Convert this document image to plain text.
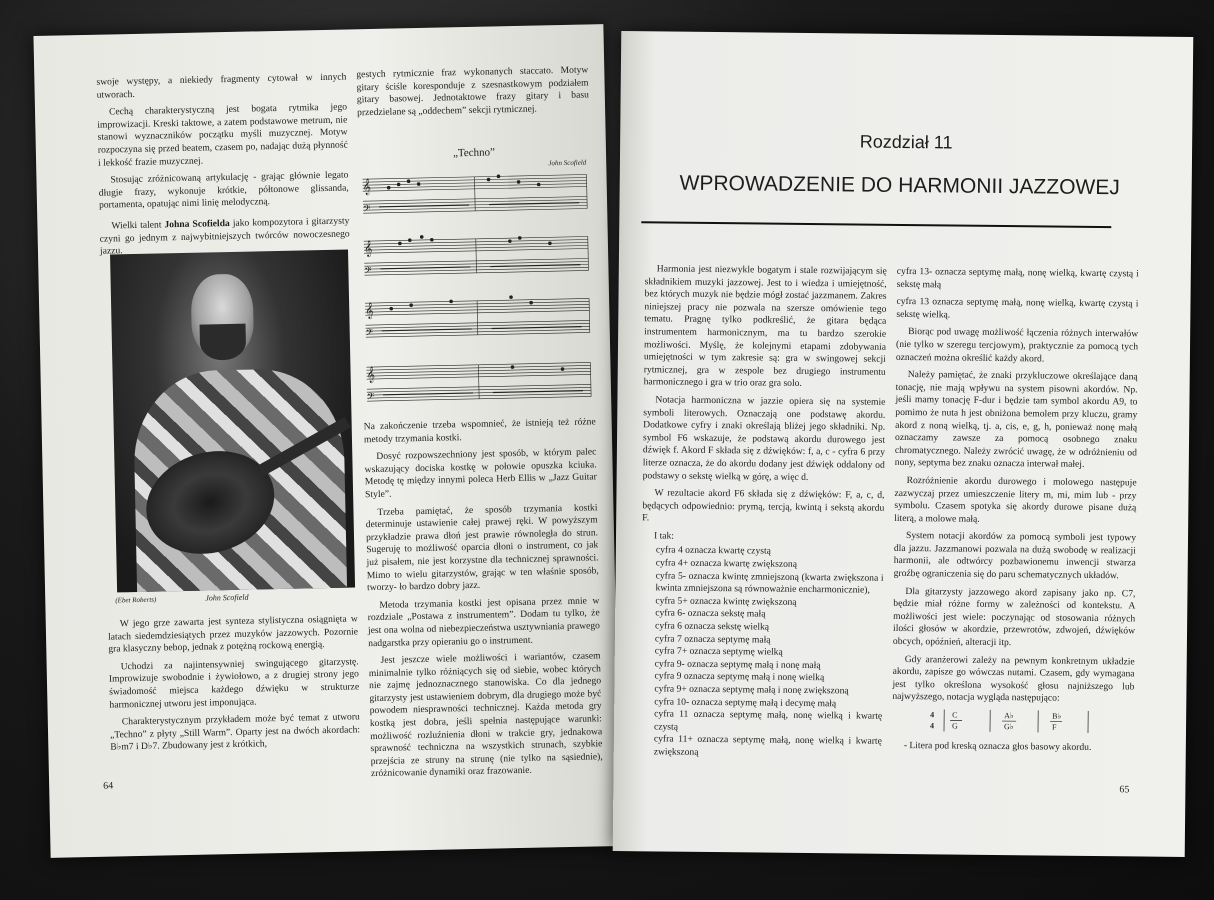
swoje występy, a niekiedy fragmenty cytował w innych utworach.

Cechą charakterystyczną jest bogata rytmika jego improwizacji. Kreski taktowe, a zatem podstawowe metrum, nie stanowi wyznaczników początku myśli muzycznej. Motyw rozpoczyna się przed beatem, czasem po, nadając dużą płynność i lekkość frazie muzycznej.

Stosując zróżnicowaną artykulację - grając głównie legato długie frazy, wykonuje krótkie, półtonowe glissanda, portamenta, opatując nimi linię melodyczną.

Wielki talent Johna Scofielda jako kompozytora i gitarzysty czyni go jednym z najwybitniejszych twórców nowoczesnego jazzu.

(Ebet Roberts)	John Scofield

W jego grze zawarta jest synteza stylistyczna osiągnięta w latach siedemdziesiątych przez muzyków jazzowych. Pozornie gra klasyczny bebop, jednak z potężną rockową energią.

Uchodzi za najintensywniej swingującego gitarzystę. Improwizuje swobodnie i żywiołowo, a z drugiej strony jego świadomość miejsca każdego dźwięku w strukturze harmonicznej utworu jest imponująca.

Charakterystycznym przykładem może być temat z utworu „Techno” z płyty „Still Warm”. Oparty jest na dwóch akordach: B♭m7 i D♭7. Zbudowany jest z krótkich,

gestych rytmicznie fraz wykonanych staccato. Motyw gitary ściśle koresponduje z szesnastkowym podziałem gitary basowej. Jednotaktowe frazy gitary i basu przedzielane są „oddechem” sekcji rytmicznej.

„Techno”
John Scofield
𝄞
𝄢
𝄞
𝄢
𝄞
𝄢
𝄞
𝄢

Na zakończenie trzeba wspomnieć, że istnieją też różne metody trzymania kostki.

Dosyć rozpowszechniony jest sposób, w którym palec wskazujący dociska kostkę w połowie opuszka kciuka. Metodę tę między innymi poleca Herb Ellis w „Jazz Guitar Style”.

Trzeba pamiętać, że sposób trzymania kostki determinuje ustawienie całej prawej ręki. W powyższym przykładzie prawa dłoń jest prawie równoległa do strun. Sugeruję to możliwość oparcia dłoni o instrument, co jak już pisałem, nie jest korzystne dla technicznej sprawności. Mimo to wielu gitarzystów, grając w ten właśnie sposób, tworzy- ło bardzo dobry jazz.

Metoda trzymania kostki jest opisana przez mnie w rozdziale „Postawa z instrumentem”. Dodam tu tylko, że jest ona wolna od niebezpieczeństwa usztywniania prawego nadgarstka przy opieraniu go o instrument.

Jest jeszcze wiele możliwości i wariantów, czasem minimalnie tylko różniących się od siebie, wobec których nie zajmę jednoznacznego stanowiska. Co dla jednego gitarzysty jest ustawieniem dobrym, dla drugiego może być powodem niesprawności technicznej. Każda metoda gry kostką jest dobra, jeśli spełnia następujące warunki: możliwość rozluźnienia dłoni w trakcie gry, jednakowa sprawność techniczna na wszystkich strunach, szybkie przejścia ze struny na strunę (nie tylko na sąsiednie), zróżnicowanie dynamiki oraz frazowanie.

64
Rozdział 11
WPROWADZENIE DO HARMONII JAZZOWEJ

Harmonia jest niezwykle bogatym i stale rozwijającym się składnikiem muzyki jazzowej. Jest to i wiedza i umiejętność, bez których muzyk nie będzie mógł zostać jazzmanem. Zakres niniejszej pracy nie pozwala na szersze omówienie tego tematu. Pragnę tylko podkreślić, że gitara będąca instrumentem harmonicznym, ma tu bardzo szerokie możliwości. Myślę, że kolejnymi etapami zdobywania umiejętności w tym zakresie są: gra w swingowej sekcji rytmicznej, gra w zespole bez drugiego instrumentu harmonicznego i gra w trio oraz gra solo.

Notacja harmoniczna w jazzie opiera się na systemie symboli literowych. Oznaczają one podstawę akordu. Dodatkowe cyfry i znaki określają bliżej jego składniki. Np. symbol F6 wskazuje, że podstawą akordu durowego jest dźwięk f. Akord F składa się z dźwięków: f, a, c - cyfra 6 przy literze oznacza, że do akordu dodany jest dźwięk oddalony od podstawy o sekstę wielką w górę, a więc d.

W rezultacie akord F6 składa się z dźwięków: F, a, c, d, będących odpowiednio: prymą, tercją, kwintą i sekstą akordu F.

I tak:

cyfra 4 oznacza kwartę czystą
cyfra 4+ oznacza kwartę zwiększoną
cyfra 5- oznacza kwintę zmniejszoną (kwarta zwiększona i kwinta zmniejszona są równoważnie encharmonicznie),
cyfra 5+ oznacza kwintę zwiększoną
cyfra 6- oznacza sekstę małą
cyfra 6 oznacza sekstę wielką
cyfra 7 oznacza septymę małą
cyfra 7+ oznacza septymę wielką
cyfra 9- oznacza septymę małą i nonę małą
cyfra 9 oznacza septymę małą i nonę wielką
cyfra 9+ oznacza septymę małą i nonę zwiększoną
cyfra 10- oznacza septymę małą i decymę małą
cyfra 11 oznacza septymę małą, nonę wielką i kwartę czystą
cyfra 11+ oznacza septymę małą, nonę wielką i kwartę zwiększoną

cyfra 13- oznacza septymę małą, nonę wielką, kwartę czystą i sekstę małą

cyfra 13 oznacza septymę małą, nonę wielką, kwartę czystą i sekstę wielką.

Biorąc pod uwagę możliwość łączenia różnych interwałów (nie tylko w szeregu tercjowym), praktycznie za pomocą tych oznaczeń można określić każdy akord.

Należy pamiętać, że znaki przykluczowe określające daną tonację, nie mają wpływu na system pisowni akordów. Np. jeśli mamy tonację F-dur i będzie tam symbol akordu A9, to pomimo że nuta h jest obniżona bemolem przy kluczu, gramy akord z noną wielką, tj. a, cis, e, g, h, ponieważ nonę małą oznaczamy zawsze za pomocą osobnego znaku chromatycznego. Należy zwrócić uwagę, że w odróżnieniu od nony, septyma bez znaku oznacza interwał małej.

Rozróżnienie akordu durowego i molowego następuje zazwyczaj przez umieszczenie litery m, mi, mim lub - przy symbolu. Czasem spotyka się akordy durowe pisane dużą literą, a molowe małą.

System notacji akordów za pomocą symboli jest typowy dla jazzu. Jazzmanowi pozwala na dużą swobodę w realizacji harmonii, ale odtwórcy pozbawionemu inwencji stwarza groźbę ograniczenia się do paru schematycznych układów.

Dla gitarzysty jazzowego akord zapisany jako np. C7, będzie miał różne formy w zależności od kontekstu. A możliwości jest wiele: poczynając od stosowania różnych ilości głosów w akordzie, przewrotów, zdwojeń, dźwięków obcych, opóźnień, alteracji itp.

Gdy aranżerowi zależy na pewnym konkretnym układzie akordu, zapisze go wówczas nutami. Czasem, gdy wymagana jest tylko określona wysokość głosu najniższego lub najwyższego, notacja wygląda następująco:

4
4
C
G
A♭
G♭
B♭
F
- Litera pod kreską oznacza głos basowy akordu.
65
